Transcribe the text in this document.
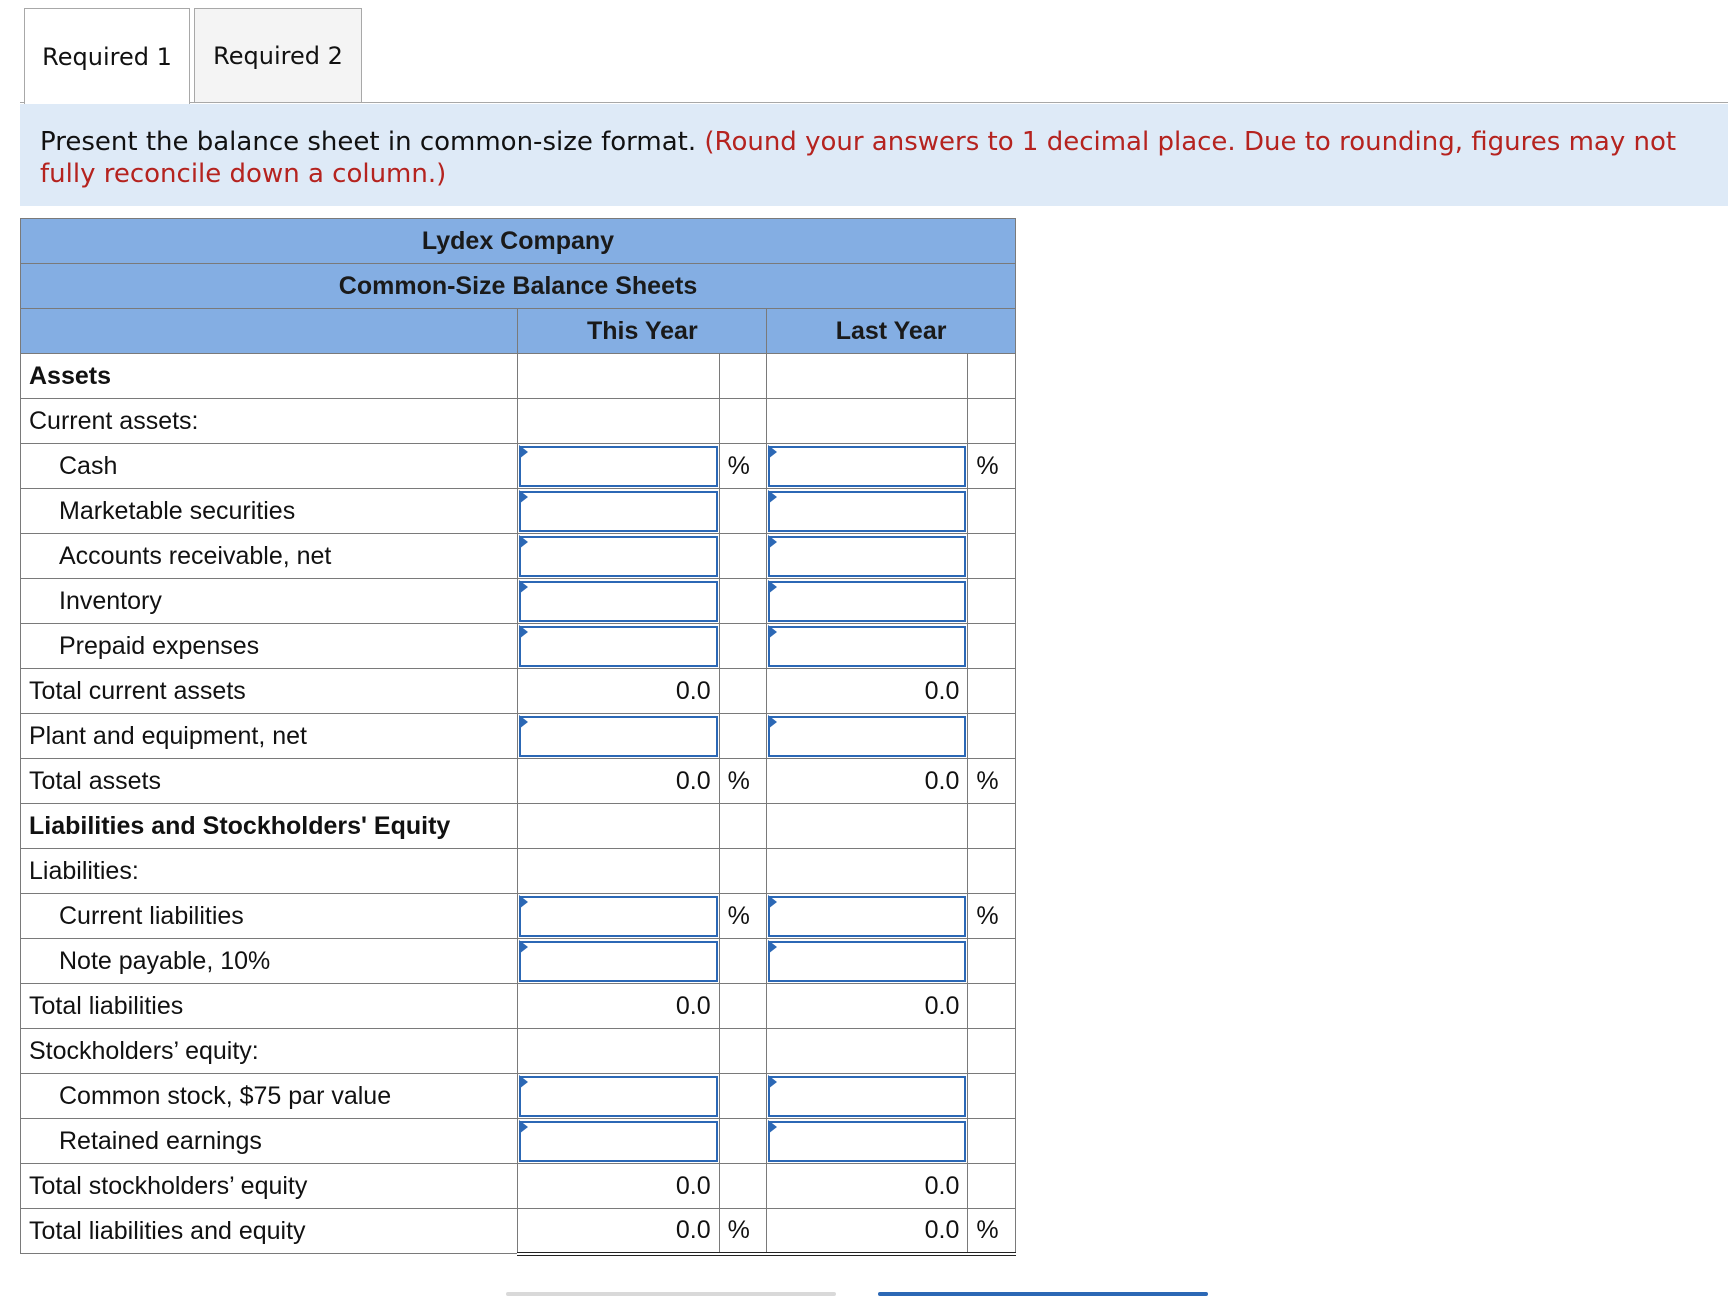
Required 1	Required 2
Present the balance sheet in common-size format. (Round your answers to 1 decimal place. Due to rounding, figures may not fully reconcile down a column.)
Lydex Company				
Common-Size Balance Sheets				
	This Year		Last Year	
Assets				
Current assets:				
Cash		%		%
Marketable securities	

Accounts receivable, net	

Inventory	

Prepaid expenses	

Total current assets	0.0		0.0	
Plant and equipment, net	

Total assets	0.0	%	0.0	%
Liabilities and Stockholders' Equity				
Liabilities:				
Current liabilities		%		%
Note payable, 10%	

Total liabilities	0.0		0.0	
Stockholders’ equity:				
Common stock, $75 par value	

Retained earnings	

Total stockholders’ equity	0.0		0.0	
Total liabilities and equity	0.0	%	0.0	%
